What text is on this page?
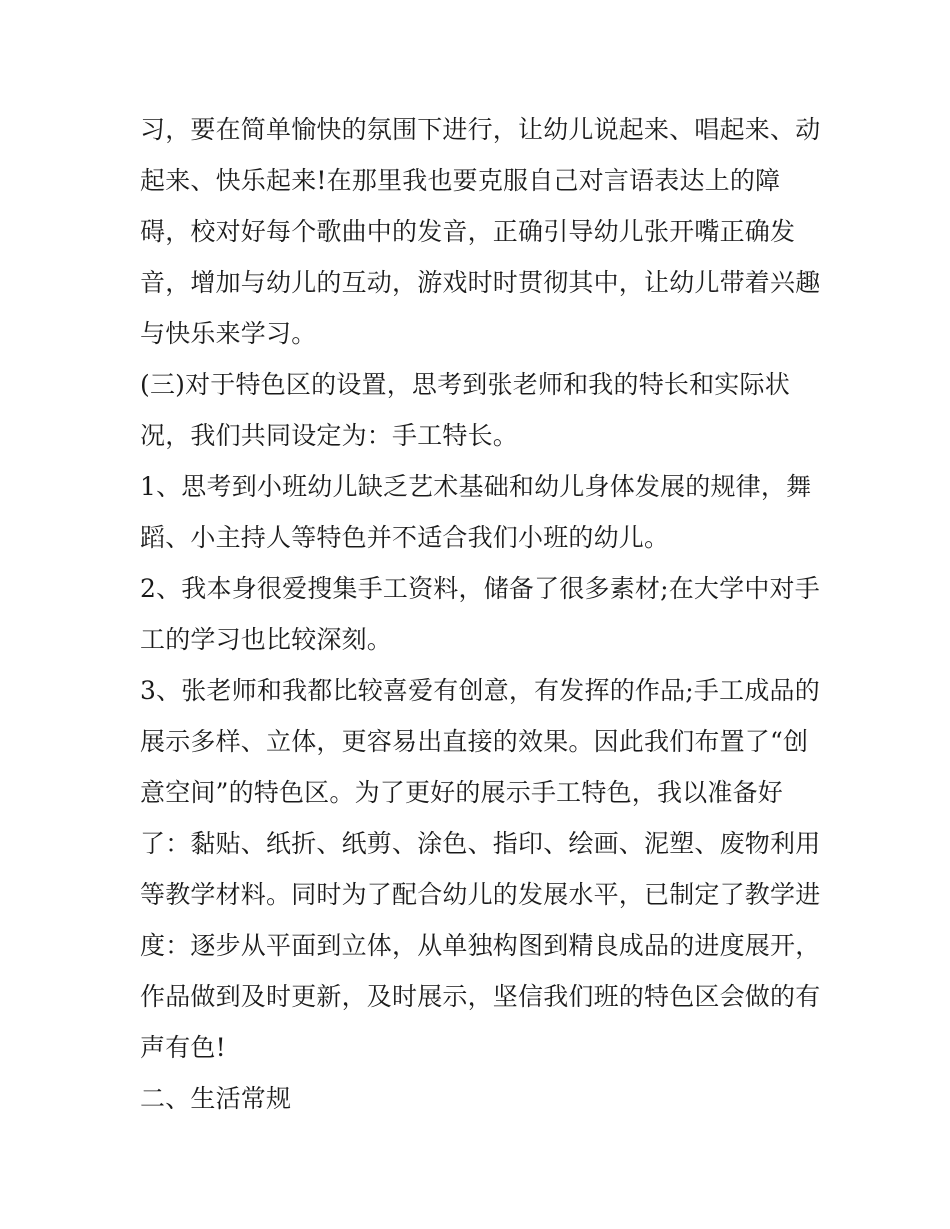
习，要在简单愉快的氛围下进行，让幼儿说起来、唱起来、动
起来、快乐起来!在那里我也要克服自己对言语表达上的障
碍，校对好每个歌曲中的发音，正确引导幼儿张开嘴正确发
音，增加与幼儿的互动，游戏时时贯彻其中，让幼儿带着兴趣
与快乐来学习。
(三)对于特色区的设置，思考到张老师和我的特长和实际状
况，我们共同设定为：手工特长。
1、思考到小班幼儿缺乏艺术基础和幼儿身体发展的规律，舞
蹈、小主持人等特色并不适合我们小班的幼儿。
2、我本身很爱搜集手工资料，储备了很多素材;在大学中对手
工的学习也比较深刻。
3、张老师和我都比较喜爱有创意，有发挥的作品;手工成品的
展示多样、立体，更容易出直接的效果。因此我们布置了“创
意空间”的特色区。为了更好的展示手工特色，我以准备好
了：黏贴、纸折、纸剪、涂色、指印、绘画、泥塑、废物利用
等教学材料。同时为了配合幼儿的发展水平，已制定了教学进
度：逐步从平面到立体，从单独构图到精良成品的进度展开，
作品做到及时更新，及时展示，坚信我们班的特色区会做的有
声有色!
二、生活常规
